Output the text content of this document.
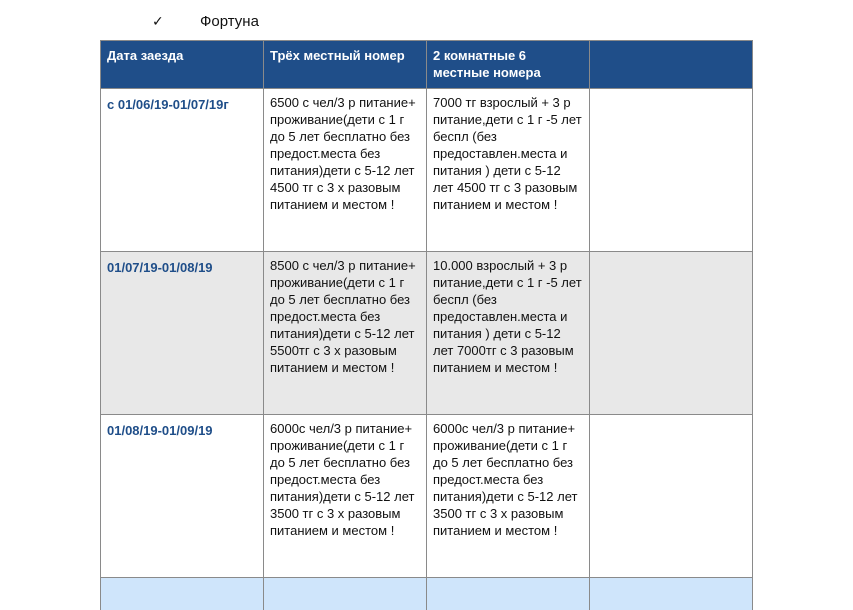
✓	Фортуна
Дата заезда	Трёх местный номер	2 комнатные 6 местные номера	
с 01/06/19-01/07/19г	6500 с чел/3 р питание+ проживание(дети с 1 г до 5 лет бесплатно без предост.места без питания)дети с 5-12 лет 4500 тг с 3 х разовым питанием и местом !	7000 тг взрослый + 3 р питание,дети с 1 г -5 лет беспл (без предоставлен.места и питания ) дети с 5-12 лет 4500 тг с 3 разовым питанием и местом !	
01/07/19-01/08/19	8500 с чел/3 р питание+ проживание(дети с 1 г до 5 лет бесплатно без предост.места без питания)дети с 5-12 лет 5500тг с 3 х разовым питанием и местом !	10.000 взрослый + 3 р питание,дети с 1 г -5 лет беспл (без предоставлен.места и питания ) дети с 5-12 лет 7000тг с 3 разовым питанием и местом !	
01/08/19-01/09/19	6000с чел/3 р питание+ проживание(дети с 1 г до 5 лет бесплатно без предост.места без питания)дети с 5-12 лет 3500 тг с 3 х разовым питанием и местом !	6000с чел/3 р питание+ проживание(дети с 1 г до 5 лет бесплатно без предост.места без питания)дети с 5-12 лет 3500 тг с 3 х разовым питанием и местом !	
